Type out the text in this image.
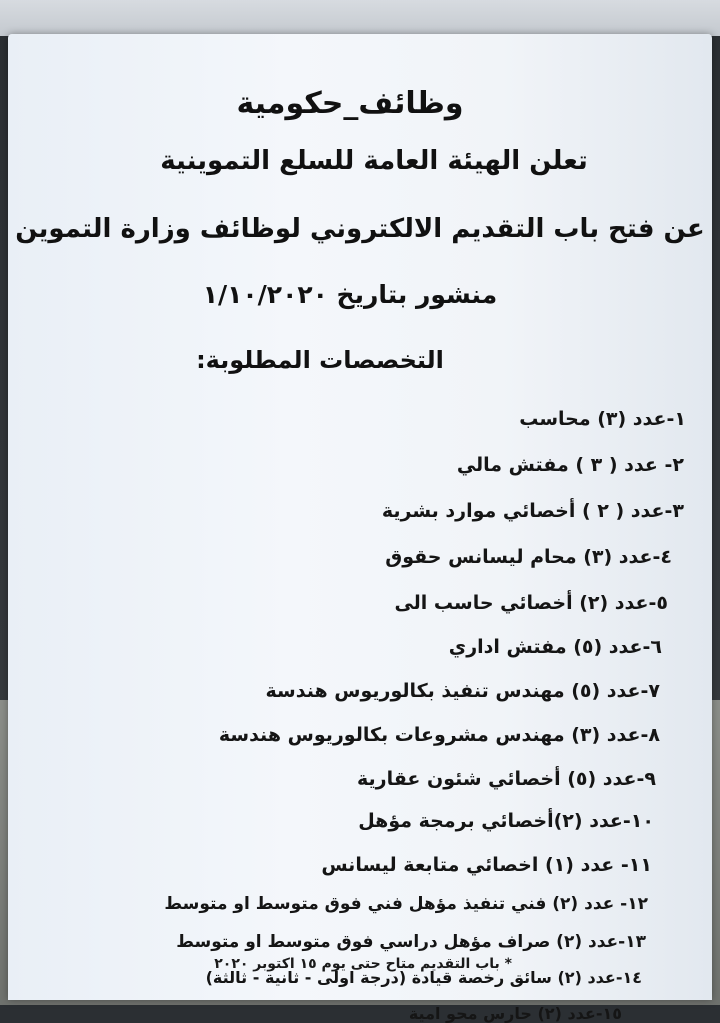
وظائف_حكومية
تعلن الهيئة العامة للسلع التموينية
عن فتح باب التقديم الالكتروني لوظائف وزارة التموين
منشور بتاريخ ١/١٠/٢٠٢٠
التخصصات المطلوبة:
١-عدد (٣) محاسب
٢- عدد ( ٣ ) مفتش مالي
٣-عدد ( ٢ ) أخصائي موارد بشرية
٤-عدد (٣) محام ليسانس حقوق
٥-عدد (٢) أخصائي حاسب الى
٦-عدد (٥) مفتش اداري
٧-عدد (٥) مهندس تنفيذ بكالوريوس هندسة
٨-عدد (٣) مهندس مشروعات بكالوريوس هندسة
٩-عدد (٥) أخصائي شئون عقارية
١٠-عدد (٢)أخصائي برمجة مؤهل
١١- عدد (١) اخصائي متابعة ليسانس
١٢- عدد (٢) فني تنفيذ مؤهل فني فوق متوسط او متوسط
١٣-عدد (٢) صراف مؤهل دراسي فوق متوسط او متوسط
١٤-عدد (٢) سائق رخصة قيادة (درجة اولى - ثانية - ثالثة)
١٥-عدد (٢) حارس محو امية
* باب التقديم متاح حتى يوم ١٥ اكتوبر ٢٠٢٠
